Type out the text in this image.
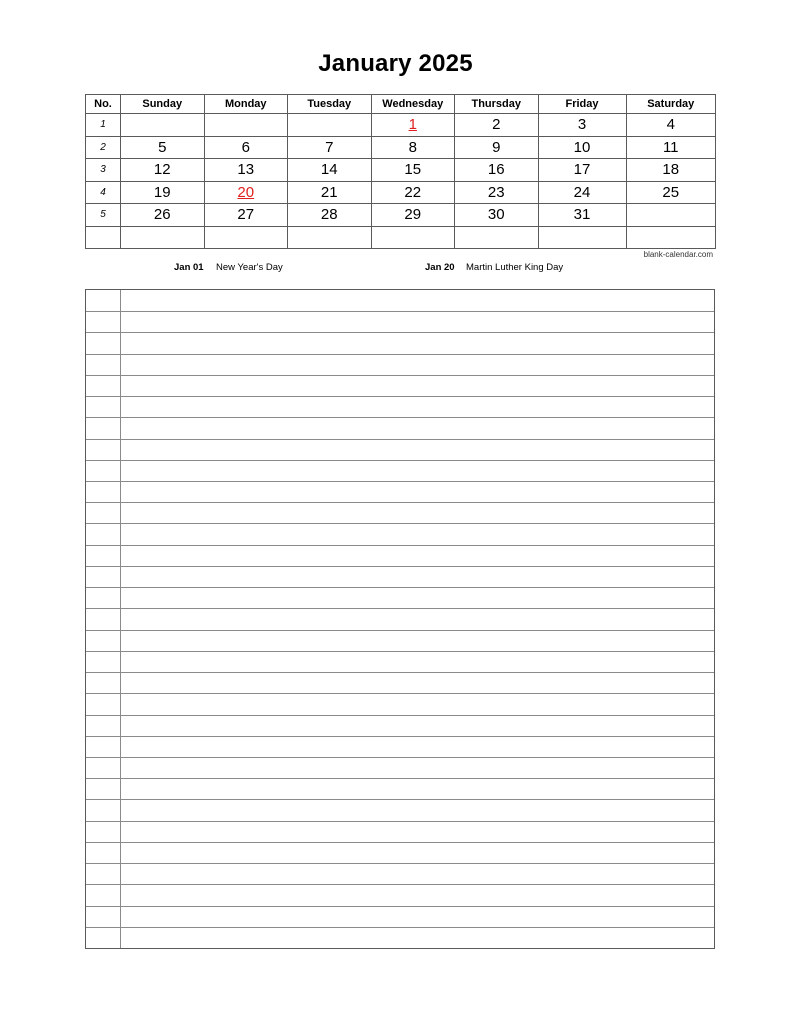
January 2025
No.	Sunday	Monday	Tuesday	Wednesday	Thursday	Friday	Saturday
1				1	2	3	4
2	5	6	7	8	9	10	11
3	12	13	14	15	16	17	18
4	19	20	21	22	23	24	25
5	26	27	28	29	30	31	

blank-calendar.com
Jan 01 New Year's Day	Jan 20 Martin Luther King Day
